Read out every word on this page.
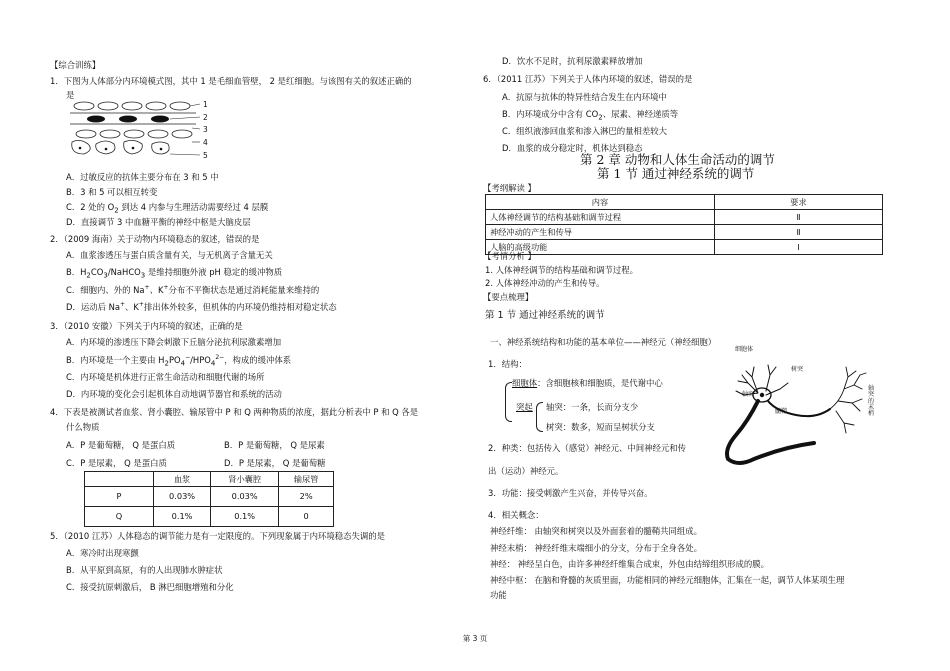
【综合训练】
1．下图为人体部分内环境模式图，其中 1 是毛细血管壁， 2 是红细胞。与该图有关的叙述正确的
是
1
2
3
4
5
A．过敏反应的抗体主要分布在 3 和 5 中
B．3 和 5 可以相互转变
C．2 处的 $O_2$ 到达 4 内参与生理活动需要经过 4 层膜
D．直接调节 3 中血糖平衡的神经中枢是大脑皮层
2．（2009 海南）关于动物内环境稳态的叙述，错误的是
A．血浆渗透压与蛋白质含量有关，与无机离子含量无关
B．$H_2CO_3/NaHCO_3$ 是维持细胞外液 pH 稳定的缓冲物质
C．细胞内、外的 Na+、K+分布不平衡状态是通过消耗能量来维持的
D．运动后 Na+、K+排出体外较多，但机体的内环境仍维持相对稳定状态
3．（2010 安徽）下列关于内环境的叙述，正确的是
A．内环境的渗透压下降会刺激下丘脑分泌抗利尿激素增加
B．内环境是一个主要由 $H_2PO_4^-/HPO_4^{2-}$，构成的缓冲体系
C．内环境是机体进行正常生命活动和细胞代谢的场所
D．内环境的变化会引起机体自动地调节器官和系统的活动
4．下表是被测试者血浆、肾小囊腔、输尿管中 P 和 Q 两种物质的浓度，据此分析表中 P 和 Q 各是
什么物质
A．P 是葡萄糖， Q 是蛋白质	B．P 是葡萄糖， Q 是尿素
C．P 是尿素， Q 是蛋白质	D．P 是尿素， Q 是葡萄糖
	血浆	肾小囊腔	输尿管
P	0.03%	0.03%	2%
Q	0.1%	0.1%	0
5．（2010 江苏）人体稳态的调节能力是有一定限度的。下列现象属于内环境稳态失调的是
A．寒冷时出现寒颤
B．从平原到高原，有的人出现肺水肿症状
C．接受抗原刺激后， B 淋巴细胞增殖和分化
D．饮水不足时，抗利尿激素释放增加
6．（2011 江苏）下列关于人体内环境的叙述，错误的是
A．抗原与抗体的特异性结合发生在内环境中
B．内环境成分中含有 $CO_2$、尿素、神经递质等
C．组织液渗回血浆和渗入淋巴的量相差较大
D．血浆的成分稳定时，机体达到稳态
第 2 章 动物和人体生命活动的调节
第 1 节 通过神经系统的调节
【考纲解读 】
内容	要求
人体神经调节的结构基础和调节过程	Ⅱ
神经冲动的产生和传导	Ⅱ
人脑的高级功能	Ⅰ
【考情分析 】
1. 人体神经调节的结构基础和调节过程。
2. 人体神经冲动的产生和传导。
【要点梳理】
第 1 节 通过神经系统的调节
一、神经系统结构和功能的基本单位——神经元（神经细胞）
1．结构：
细胞体：含细胞核和细胞质，是代谢中心
突起 轴突：一条，长而分支少
树突：数多，短而呈树状分支
2．种类：包括传入（感觉）神经元、中间神经元和传
出（运动）神经元。
3．功能：接受刺激产生兴奋，并传导兴奋。
4．相关概念：
神经纤维： 由轴突和树突以及外面套着的髓鞘共同组成。
神经末梢： 神经纤维末端细小的分支，分布于全身各处。
神经： 神经呈白色，由许多神经纤维集合成束，外包由结缔组织形成的膜。
神经中枢： 在脑和脊髓的灰质里面，功能相同的神经元细胞体，汇集在一起，调节人体某项生理
功能
细胞体
树突
轴突
髓鞘
轴突的末梢
第 3 页
